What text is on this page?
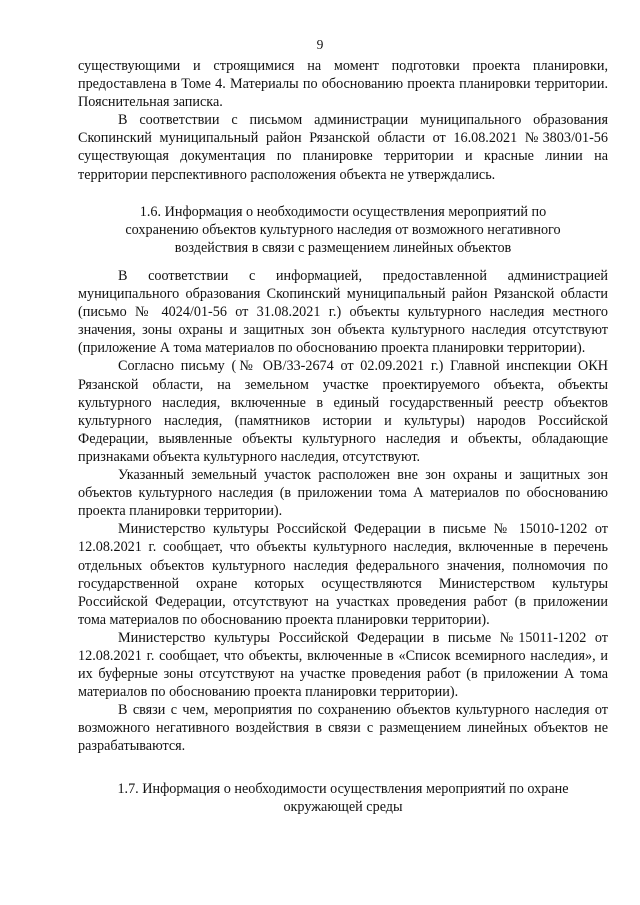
9

существующими и строящимися на момент подготовки проекта планировки, предоставлена в Томе 4. Материалы по обоснованию проекта планировки территории. Пояснительная записка.

В соответствии с письмом администрации муниципального образования Скопинский муниципальный район Рязанской области от 16.08.2021 №3803/01-56 существующая документация по планировке территории и красные линии на территории перспективного расположения объекта не утверждались.

1.6. Информация о необходимости осуществления мероприятий по сохранению объектов культурного наследия от возможного негативного воздействия в связи с размещением линейных объектов

В соответствии с информацией, предоставленной администрацией муниципального образования Скопинский муниципальный район Рязанской области (письмо № 4024/01-56 от 31.08.2021 г.) объекты культурного наследия местного значения, зоны охраны и защитных зон объекта культурного наследия отсутствуют (приложение А тома материалов по обоснованию проекта планировки территории).

Согласно письму (№ ОВ/33-2674 от 02.09.2021 г.) Главной инспекции ОКН Рязанской области, на земельном участке проектируемого объекта, объекты культурного наследия, включенные в единый государственный реестр объектов культурного наследия, (памятников истории и культуры) народов Российской Федерации, выявленные объекты культурного наследия и объекты, обладающие признаками объекта культурного наследия, отсутствуют.

Указанный земельный участок расположен вне зон охраны и защитных зон объектов культурного наследия (в приложении тома А материалов по обоснованию проекта планировки территории).

Министерство культуры Российской Федерации в письме № 15010-1202 от 12.08.2021 г. сообщает, что объекты культурного наследия, включенные в перечень отдельных объектов культурного наследия федерального значения, полномочия по государственной охране которых осуществляются Министерством культуры Российской Федерации, отсутствуют на участках проведения работ (в приложении тома материалов по обоснованию проекта планировки территории).

Министерство культуры Российской Федерации в письме №15011-1202 от 12.08.2021 г. сообщает, что объекты, включенные в «Список всемирного наследия», и их буферные зоны отсутствуют на участке проведения работ (в приложении А тома материалов по обоснованию проекта планировки территории).

В связи с чем, мероприятия по сохранению объектов культурного наследия от возможного негативного воздействия в связи с размещением линейных объектов не разрабатываются.

1.7. Информация о необходимости осуществления мероприятий по охране окружающей среды
